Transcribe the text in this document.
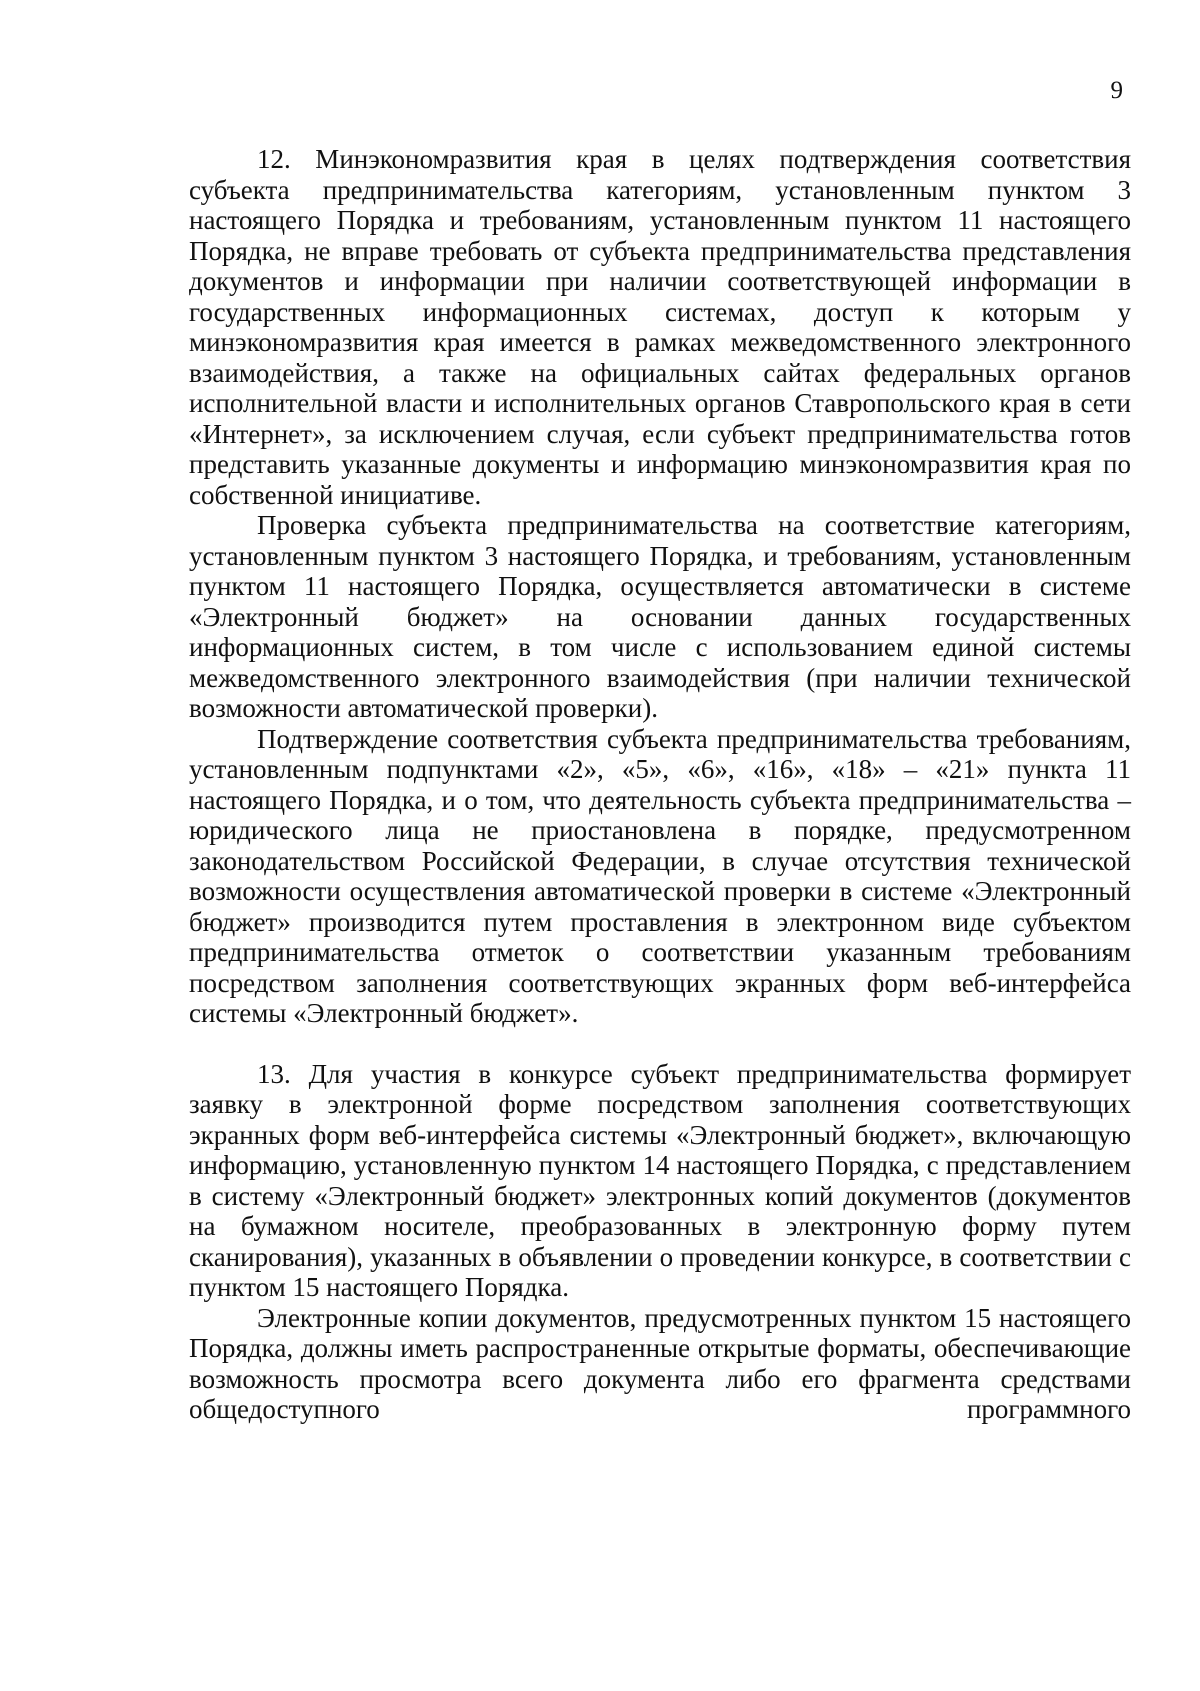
9

12. Минэкономразвития края в целях подтверждения соответствия субъекта предпринимательства категориям, установленным пунктом 3 настоящего Порядка и требованиям, установленным пунктом 11 настоящего Порядка, не вправе требовать от субъекта предпринимательства представления документов и информации при наличии соответствующей информации в государственных информационных системах, доступ к которым у минэкономразвития края имеется в рамках межведомственного электронного взаимодействия, а также на официальных сайтах федеральных органов исполнительной власти и исполнительных органов Ставропольского края в сети «Интернет», за исключением случая, если субъект предпринимательства готов представить указанные документы и информацию минэкономразвития края по собственной инициативе.

Проверка субъекта предпринимательства на соответствие категориям, установленным пунктом 3 настоящего Порядка, и требованиям, установленным пунктом 11 настоящего Порядка, осуществляется автоматически в системе «Электронный бюджет» на основании данных государственных информационных систем, в том числе с использованием единой системы межведомственного электронного взаимодействия (при наличии технической возможности автоматической проверки).

Подтверждение соответствия субъекта предпринимательства требованиям, установленным подпунктами «2», «5», «6», «16», «18» – «21» пункта 11 настоящего Порядка, и о том, что деятельность субъекта предпринимательства – юридического лица не приостановлена в порядке, предусмотренном законодательством Российской Федерации, в случае отсутствия технической возможности осуществления автоматической проверки в системе «Электронный бюджет» производится путем проставления в электронном виде субъектом предпринимательства отметок о соответствии указанным требованиям посредством заполнения соответствующих экранных форм веб-интерфейса системы «Электронный бюджет».

13. Для участия в конкурсе субъект предпринимательства формирует заявку в электронной форме посредством заполнения соответствующих экранных форм веб-интерфейса системы «Электронный бюджет», включающую информацию, установленную пунктом 14 настоящего Порядка, с представлением в систему «Электронный бюджет» электронных копий документов (документов на бумажном носителе, преобразованных в электронную форму путем сканирования), указанных в объявлении о проведении конкурсе, в соответствии с пунктом 15 настоящего Порядка.

Электронные копии документов, предусмотренных пунктом 15 настоящего Порядка, должны иметь распространенные открытые форматы, обеспечивающие возможность просмотра всего документа либо его фрагмента средствами общедоступного программного
